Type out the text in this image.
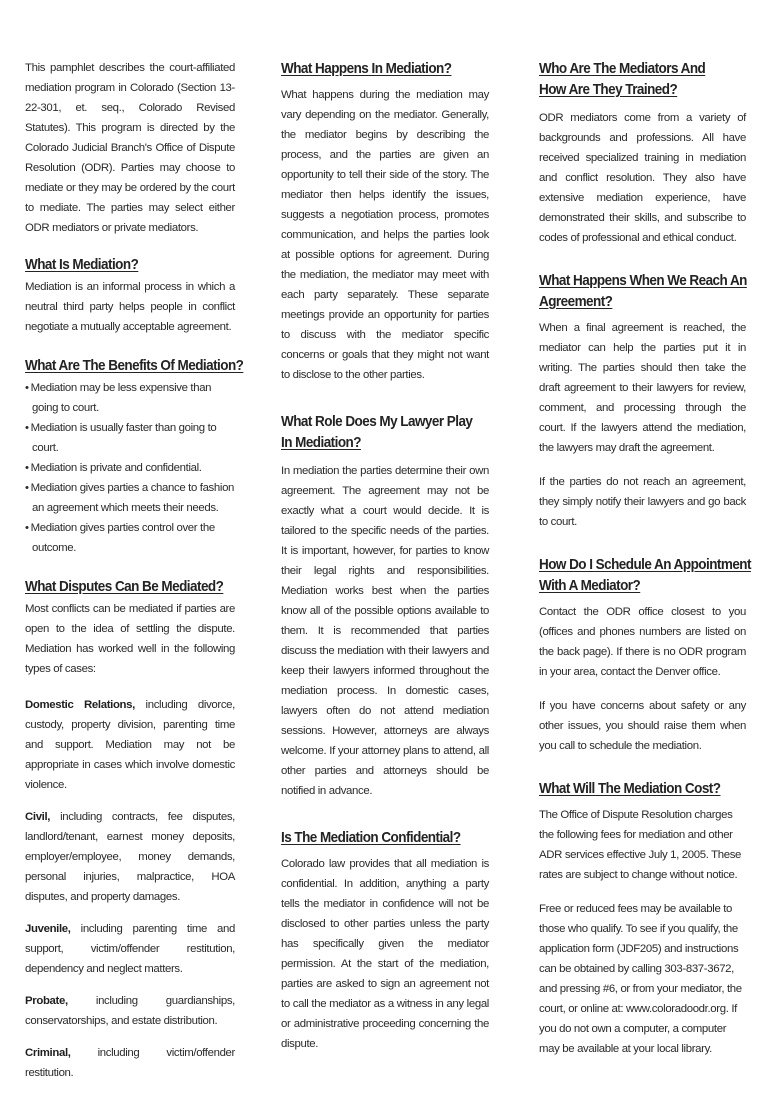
This pamphlet describes the court-affiliated mediation program in Colorado (Section 13-22-301, et. seq., Colorado Revised Statutes). This program is directed by the Colorado Judicial Branch's Office of Dispute Resolution (ODR). Parties may choose to mediate or they may be ordered by the court to mediate. The parties may select either ODR mediators or private mediators.

What Is Mediation?

Mediation is an informal process in which a neutral third party helps people in conflict negotiate a mutually acceptable agreement.

What Are The Benefits Of Mediation?
• Mediation may be less expensive than going to court.
• Mediation is usually faster than going to court.
• Mediation is private and confidential.
• Mediation gives parties a chance to fashion an agreement which meets their needs.
• Mediation gives parties control over the outcome.
What Disputes Can Be Mediated?

Most conflicts can be mediated if parties are open to the idea of settling the dispute. Mediation has worked well in the following types of cases:

Domestic Relations, including divorce, custody, property division, parenting time and support. Mediation may not be appropriate in cases which involve domestic violence.

Civil, including contracts, fee disputes, landlord/tenant, earnest money deposits, employer/employee, money demands, personal injuries, malpractice, HOA disputes, and property damages.

Juvenile, including parenting time and support, victim/offender restitution, dependency and neglect matters.

Probate, including guardianships, conservatorships, and estate distribution.

Criminal, including victim/offender restitution.

What Happens In Mediation?

What happens during the mediation may vary depending on the mediator. Generally, the mediator begins by describing the process, and the parties are given an opportunity to tell their side of the story. The mediator then helps identify the issues, suggests a negotiation process, promotes communication, and helps the parties look at possible options for agreement. During the mediation, the mediator may meet with each party separately. These separate meetings provide an opportunity for parties to discuss with the mediator specific concerns or goals that they might not want to disclose to the other parties.

What Role Does My Lawyer Play
In Mediation?

In mediation the parties determine their own agreement. The agreement may not be exactly what a court would decide. It is tailored to the specific needs of the parties. It is important, however, for parties to know their legal rights and responsibilities. Mediation works best when the parties know all of the possible options available to them. It is recommended that parties discuss the mediation with their lawyers and keep their lawyers informed throughout the mediation process. In domestic cases, lawyers often do not attend mediation sessions. However, attorneys are always welcome. If your attorney plans to attend, all other parties and attorneys should be notified in advance.

Is The Mediation Confidential?

Colorado law provides that all mediation is confidential. In addition, anything a party tells the mediator in confidence will not be disclosed to other parties unless the party has specifically given the mediator permission. At the start of the mediation, parties are asked to sign an agreement not to call the mediator as a witness in any legal or administrative proceeding concerning the dispute.

Who Are The Mediators And
How Are They Trained?

ODR mediators come from a variety of backgrounds and professions. All have received specialized training in mediation and conflict resolution. They also have extensive mediation experience, have demonstrated their skills, and subscribe to codes of professional and ethical conduct.

What Happens When We Reach An
Agreement?

When a final agreement is reached, the mediator can help the parties put it in writing. The parties should then take the draft agreement to their lawyers for review, comment, and processing through the court. If the lawyers attend the mediation, the lawyers may draft the agreement.

If the parties do not reach an agreement, they simply notify their lawyers and go back to court.

How Do I Schedule An Appointment
With A Mediator?

Contact the ODR office closest to you (offices and phones numbers are listed on the back page). If there is no ODR program in your area, contact the Denver office.

If you have concerns about safety or any other issues, you should raise them when you call to schedule the mediation.

What Will The Mediation Cost?

The Office of Dispute Resolution charges the following fees for mediation and other ADR services effective July 1, 2005. These rates are subject to change without notice.

Free or reduced fees may be available to those who qualify. To see if you qualify, the application form (JDF205) and instructions can be obtained by calling 303-837-3672, and pressing #6, or from your mediator, the court, or online at: www.coloradoodr.org. If you do not own a computer, a computer may be available at your local library.
